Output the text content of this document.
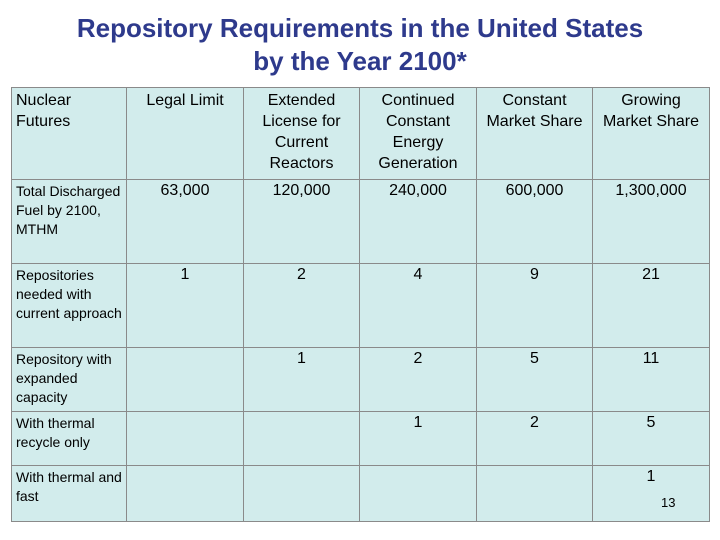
Repository Requirements in the United States
by the Year 2100*
Nuclear Futures	Legal Limit	Extended License for Current Reactors	Continued Constant Energy Generation	Constant Market Share	Growing Market Share
Total Discharged Fuel by 2100, MTHM	63,000	120,000	240,000	600,000	1,300,000
Repositories needed with current approach	1	2	4	9	21
Repository with expanded capacity		1	2	5	11
With thermal recycle only			1	2	5
With thermal and fast					1
13
